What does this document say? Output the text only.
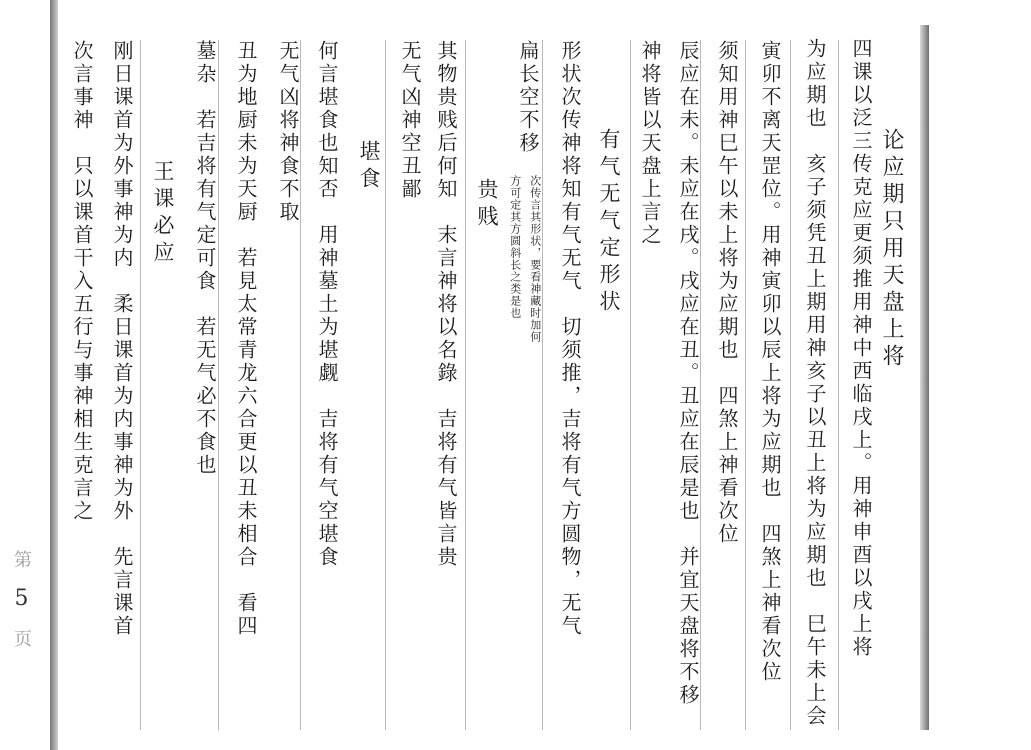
论应期只用天盘上将
四课以泛三传克应更须推用神中西临戌上。用神申酉以戌上将
为应期也　亥子须凭丑上期用神亥子以丑上将为应期也　巳午未上会
寅卯不离天罡位。用神寅卯以辰上将为应期也　四煞上神看次位
须知用神巳午以未上将为应期也　四煞上神看次位
辰应在未。未应在戌。戌应在丑。丑应在辰是也　并宜天盘将不移
神将皆以天盘上言之
有气无气定形状
形状次传神将知有气无气　切须推，吉将有气方圆物，无气
扁长空不移
次传言其形状，要看神藏时加何
方可定其方圆斜长之类是也
贵贱
其物贵贱后何知　末言神将以名錄　吉将有气皆言贵
无气凶神空丑鄙
堪食
何言堪食也知否　用神墓土为堪觑　吉将有气空堪食
无气凶将神食不取
丑为地厨未为天厨　若見太常青龙六合更以丑未相合　看四
墓杂　若吉将有气定可食　若无气必不食也
王课必应
刚日课首为外事神为内　柔日课首为内事神为外　先言课首
次言事神　只以课首干入五行与事神相生克言之
第5页
